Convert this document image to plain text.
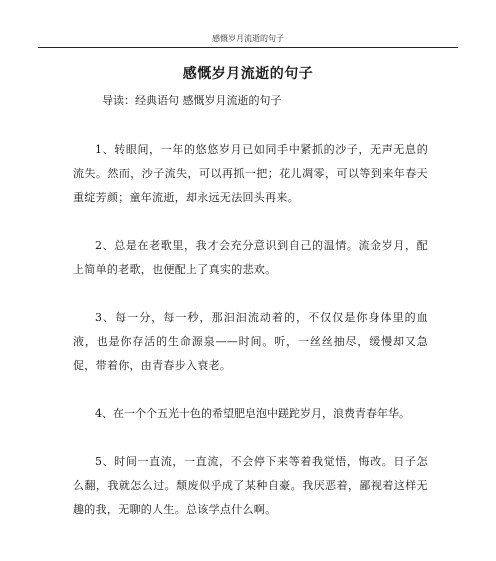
感慨岁月流逝的句子
感慨岁月流逝的句子
导读：经典语句 感慨岁月流逝的句子

1、转眼间，一年的悠悠岁月已如同手中紧抓的沙子，无声无息的流失。然而，沙子流失，可以再抓一把；花儿凋零，可以等到来年春天重绽芳颜；童年流逝，却永远无法回头再来。

2、总是在老歌里，我才会充分意识到自己的温情。流金岁月，配上简单的老歌，也便配上了真实的悲欢。

3、每一分，每一秒，那汩汩流动着的，不仅仅是你身体里的血液，也是你存活的生命源泉——时间。听，一丝丝抽尽，缓慢却又急促，带着你，由青春步入衰老。

4、在一个个五光十色的希望肥皂泡中蹉跎岁月，浪费青春年华。

5、时间一直流，一直流，不会停下来等着我觉悟，悔改。日子怎么翻，我就怎么过。颓废似乎成了某种自豪。我厌恶着，鄙视着这样无趣的我，无聊的人生。总该学点什么啊。
